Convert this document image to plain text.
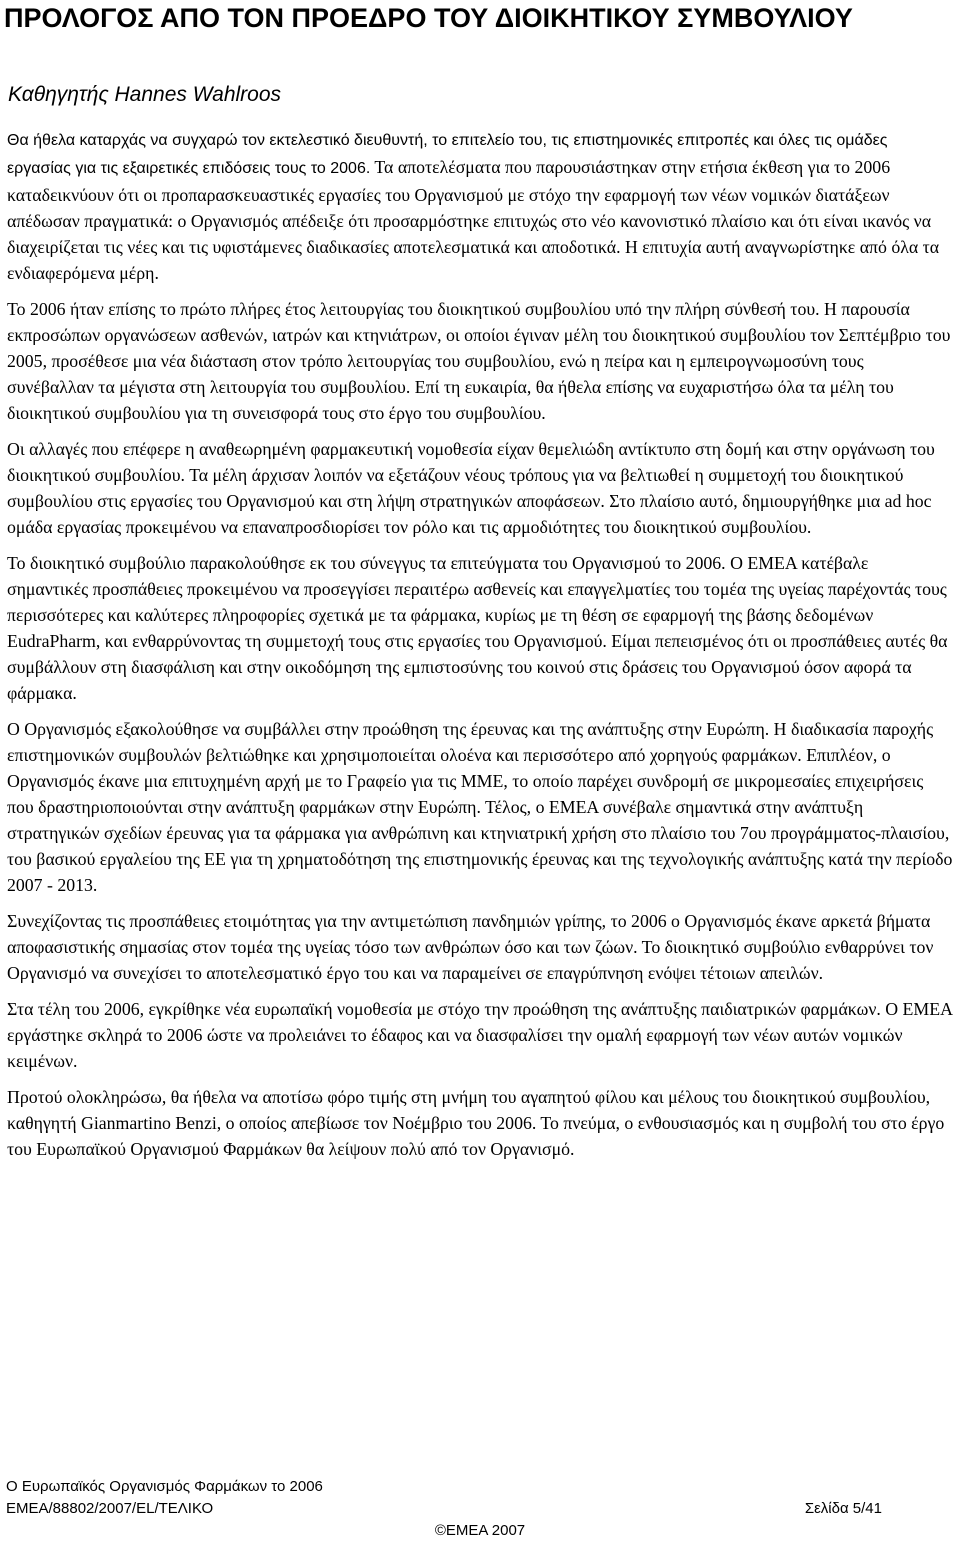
ΠΡΟΛΟΓΟΣ ΑΠΟ ΤΟΝ ΠΡΟΕΔΡΟ ΤΟΥ ΔΙΟΙΚΗΤΙΚΟΥ ΣΥΜΒΟΥΛΙΟΥ
Καθηγητής Hannes Wahlroos

Θα ήθελα καταρχάς να συγχαρώ τον εκτελεστικό διευθυντή, το επιτελείο του, τις επιστημονικές επιτροπές και όλες τις ομάδες εργασίας για τις εξαιρετικές επιδόσεις τους το 2006. Τα αποτελέσματα που παρουσιάστηκαν στην ετήσια έκθεση για το 2006 καταδεικνύουν ότι οι προπαρασκευαστικές εργασίες του Οργανισμού με στόχο την εφαρμογή των νέων νομικών διατάξεων απέδωσαν πραγματικά: ο Οργανισμός απέδειξε ότι προσαρμόστηκε επιτυχώς στο νέο κανονιστικό πλαίσιο και ότι είναι ικανός να διαχειρίζεται τις νέες και τις υφιστάμενες διαδικασίες αποτελεσματικά και αποδοτικά. Η επιτυχία αυτή αναγνωρίστηκε από όλα τα ενδιαφερόμενα μέρη.

Το 2006 ήταν επίσης το πρώτο πλήρες έτος λειτουργίας του διοικητικού συμβουλίου υπό την πλήρη σύνθεσή του. Η παρουσία εκπροσώπων οργανώσεων ασθενών, ιατρών και κτηνιάτρων, οι οποίοι έγιναν μέλη του διοικητικού συμβουλίου τον Σεπτέμβριο του 2005, προσέθεσε μια νέα διάσταση στον τρόπο λειτουργίας του συμβουλίου, ενώ η πείρα και η εμπειρογνωμοσύνη τους συνέβαλλαν τα μέγιστα στη λειτουργία του συμβουλίου. Επί τη ευκαιρία, θα ήθελα επίσης να ευχαριστήσω όλα τα μέλη του διοικητικού συμβουλίου για τη συνεισφορά τους στο έργο του συμβουλίου.

Οι αλλαγές που επέφερε η αναθεωρημένη φαρμακευτική νομοθεσία είχαν θεμελιώδη αντίκτυπο στη δομή και στην οργάνωση του διοικητικού συμβουλίου. Τα μέλη άρχισαν λοιπόν να εξετάζουν νέους τρόπους για να βελτιωθεί η συμμετοχή του διοικητικού συμβουλίου στις εργασίες του Οργανισμού και στη λήψη στρατηγικών αποφάσεων. Στο πλαίσιο αυτό, δημιουργήθηκε μια ad hoc ομάδα εργασίας προκειμένου να επαναπροσδιορίσει τον ρόλο και τις αρμοδιότητες του διοικητικού συμβουλίου.

Το διοικητικό συμβούλιο παρακολούθησε εκ του σύνεγγυς τα επιτεύγματα του Οργανισμού το 2006. Ο ΕΜΕΑ κατέβαλε σημαντικές προσπάθειες προκειμένου να προσεγγίσει περαιτέρω ασθενείς και επαγγελματίες του τομέα της υγείας παρέχοντάς τους περισσότερες και καλύτερες πληροφορίες σχετικά με τα φάρμακα, κυρίως με τη θέση σε εφαρμογή της βάσης δεδομένων EudraPharm, και ενθαρρύνοντας τη συμμετοχή τους στις εργασίες του Οργανισμού. Είμαι πεπεισμένος ότι οι προσπάθειες αυτές θα συμβάλλουν στη διασφάλιση και στην οικοδόμηση της εμπιστοσύνης του κοινού στις δράσεις του Οργανισμού όσον αφορά τα φάρμακα.

Ο Οργανισμός εξακολούθησε να συμβάλλει στην προώθηση της έρευνας και της ανάπτυξης στην Ευρώπη. Η διαδικασία παροχής επιστημονικών συμβουλών βελτιώθηκε και χρησιμοποιείται ολοένα και περισσότερο από χορηγούς φαρμάκων. Επιπλέον, ο Οργανισμός έκανε μια επιτυχημένη αρχή με το Γραφείο για τις ΜΜΕ, το οποίο παρέχει συνδρομή σε μικρομεσαίες επιχειρήσεις που δραστηριοποιούνται στην ανάπτυξη φαρμάκων στην Ευρώπη. Τέλος, ο ΕΜΕΑ συνέβαλε σημαντικά στην ανάπτυξη στρατηγικών σχεδίων έρευνας για τα φάρμακα για ανθρώπινη και κτηνιατρική χρήση στο πλαίσιο του 7ου προγράμματος-πλαισίου, του βασικού εργαλείου της ΕΕ για τη χρηματοδότηση της επιστημονικής έρευνας και της τεχνολογικής ανάπτυξης κατά την περίοδο 2007 - 2013.

Συνεχίζοντας τις προσπάθειες ετοιμότητας για την αντιμετώπιση πανδημιών γρίπης, το 2006 ο Οργανισμός έκανε αρκετά βήματα αποφασιστικής σημασίας στον τομέα της υγείας τόσο των ανθρώπων όσο και των ζώων. Το διοικητικό συμβούλιο ενθαρρύνει τον Οργανισμό να συνεχίσει το αποτελεσματικό έργο του και να παραμείνει σε επαγρύπνηση ενόψει τέτοιων απειλών.

Στα τέλη του 2006, εγκρίθηκε νέα ευρωπαϊκή νομοθεσία με στόχο την προώθηση της ανάπτυξης παιδιατρικών φαρμάκων. Ο ΕΜΕΑ εργάστηκε σκληρά το 2006 ώστε να προλειάνει το έδαφος και να διασφαλίσει την ομαλή εφαρμογή των νέων αυτών νομικών κειμένων.

Προτού ολοκληρώσω, θα ήθελα να αποτίσω φόρο τιμής στη μνήμη του αγαπητού φίλου και μέλους του διοικητικού συμβουλίου, καθηγητή Gianmartino Benzi, ο οποίος απεβίωσε τον Νοέμβριο του 2006. Το πνεύμα, ο ενθουσιασμός και η συμβολή του στο έργο του Ευρωπαϊκού Οργανισμού Φαρμάκων θα λείψουν πολύ από τον Οργανισμό.

Ο Ευρωπαϊκός Οργανισμός Φαρμάκων το 2006
EMEA/88802/2007/EL/ΤΕΛΙΚΟ	Σελίδα 5/41
©ΕΜΕΑ 2007
